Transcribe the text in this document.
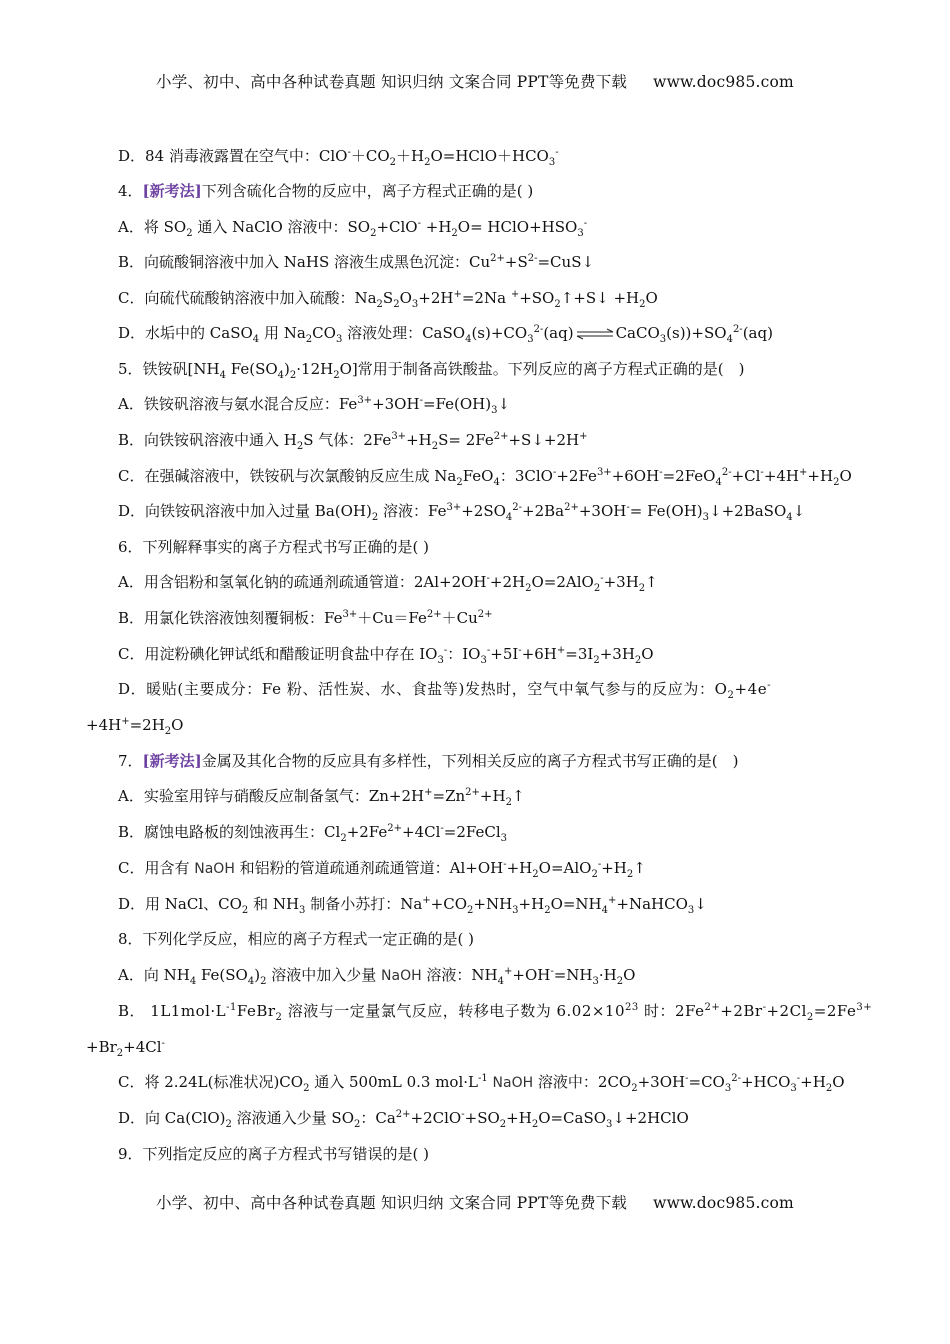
小学、初中、高中各种试卷真题 知识归纳 文案合同 PPT等免费下载 www.doc985.com
D．84 消毒液露置在空气中：$ClO^-+CO_2+H_2O=HClO+HCO_3^-$
4．[新考法]下列含硫化合物的反应中，离子方程式正确的是( )
A．将 $SO_2$ 通入 NaClO 溶液中：$SO_2+ClO^- +H_2O=$ $HClO+HSO_3^-$
B．向硫酸铜溶液中加入 NaHS 溶液生成黑色沉淀：$Cu^{2+}+S^{2-}=CuS↓$
C．向硫代硫酸钠溶液中加入硫酸：$Na_2S_2O_3+2H^+=2Na$ $^++SO_2↑+S↓ +H_2O$
D．水垢中的 CaSO$_4$ 用 $Na_2CO_3$ 溶液处理：$CaSO_4(s)+CO_3^{2-}(aq)$ ⇌ $CaCO_3(s))+SO_4^{2-}(aq)$
5．铁铵矾[$NH_4$ $Fe(SO_4)_2\cdot 12H_2O$]常用于制备高铁酸盐。下列反应的离子方程式正确的是(　)
A．铁铵矾溶液与氨水混合反应：$Fe^{3+}+3OH^-=Fe(OH)_3↓$
B．向铁铵矾溶液中通入 $H_2S$ 气体：$2Fe^{3+}+H_2S=$ $2Fe^{2+}+S↓+2H^+$
C．在强碱溶液中，铁铵矾与次氯酸钠反应生成 $Na_2FeO_4$：$3ClO^-+2Fe^{3+}+6OH^-=2FeO_4^{2-}+Cl^-+4H^++H_2O$
D．向铁铵矾溶液中加入过量 $Ba(OH)_2$ 溶液：$Fe^{3+}+2SO_4^{2-}+2Ba^{2+}+3OH^-=$ $Fe(OH)_3↓+2BaSO_4↓$
6．下列解释事实的离子方程式书写正确的是( )
A．用含铝粉和氢氧化钠的疏通剂疏通管道：$2Al+2OH^-+2H_2O=2AlO_2^-+3H_2↑$
B．用氯化铁溶液蚀刻覆铜板：$Fe^{3+}+Cu=Fe^{2+}+Cu^{2+}$
C．用淀粉碘化钾试纸和醋酸证明食盐中存在 $IO_3^-$：$IO_3^-+5I^-+6H^+=3I_2+3H_2O$
D．暖贴(主要成分：Fe 粉、活性炭、水、食盐等)发热时，空气中氧气参与的反应为：$O_2+4e^-$
$+4H^+=2H_2O$
7．[新考法]金属及其化合物的反应具有多样性，下列相关反应的离子方程式书写正确的是(　)
A．实验室用锌与硝酸反应制备氢气：$Zn+2H^+=Zn^{2+}+H_2↑$
B．腐蚀电路板的刻蚀液再生：$Cl_2+2Fe^{2+}+4Cl^-=2FeCl_3$
C．用含有 NaOH 和铝粉的管道疏通剂疏通管道：$Al+OH^-+H_2O=AlO_2^-+H_2↑$
D．用 NaCl、$CO_2$ 和 $NH_3$ 制备小苏打：$Na^++CO_2+NH_3+H_2O=NH_4^++NaHCO_3↓$
8．下列化学反应，相应的离子方程式一定正确的是( )
A．向 $NH_4$ $Fe(SO_4)_2$ 溶液中加入少量 NaOH 溶液：$NH_4^++OH^-=NH_3\cdot H_2O$
B． $1L1mol\cdot L^{-1}FeBr_2$ 溶液与一定量氯气反应，转移电子数为 $6.02\times 10^{23}$ 时：$2Fe^{2+}+2Br^-+2Cl_2=2Fe^{3+}$
$+Br_2+4Cl^-$
C．将 2.24L(标准状况)$CO_2$ 通入 500mL 0.3 $mol\cdot L^{-1}$ NaOH 溶液中：$2CO_2+3OH^-=CO_3^{2-}+HCO_3^-+H_2O$
D．向 $Ca(ClO)_2$ 溶液通入少量 $SO_2$：$Ca^{2+}+2ClO^-+SO_2+H_2O=CaSO_3↓+2HClO$
9．下列指定反应的离子方程式书写错误的是( )
小学、初中、高中各种试卷真题 知识归纳 文案合同 PPT等免费下载 www.doc985.com
